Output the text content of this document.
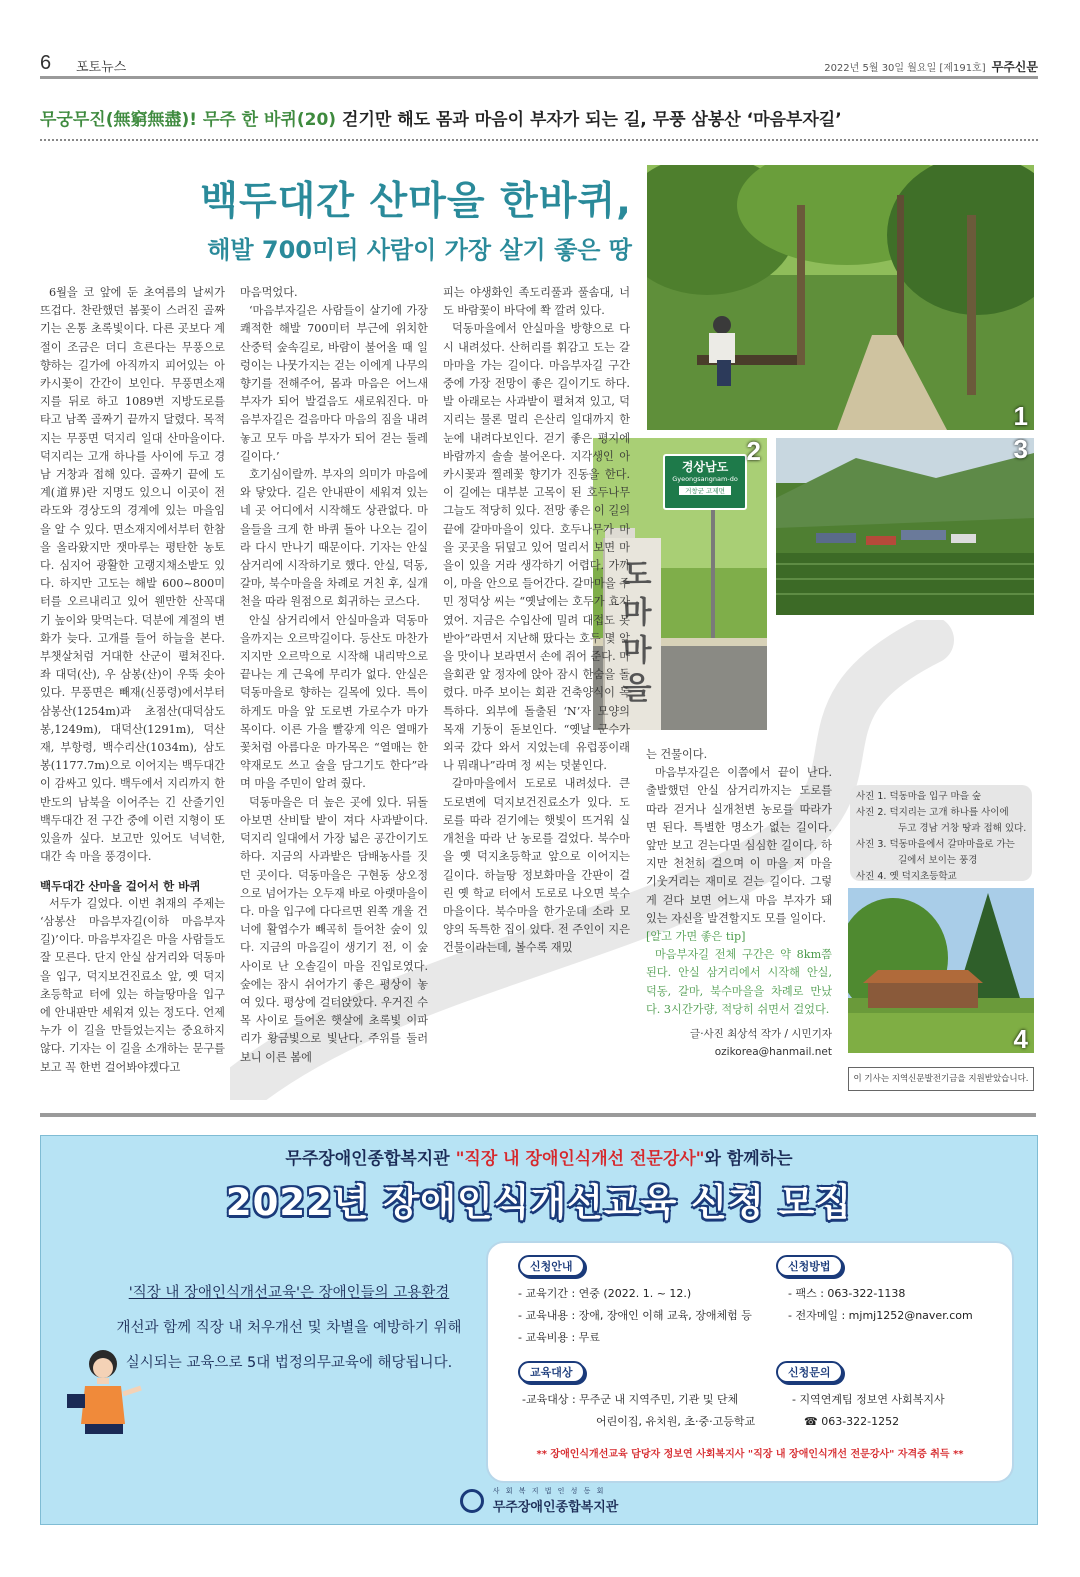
6 포토뉴스	2022년 5월 30일 월요일 [제191호] 무주신문
무궁무진(無窮無盡)! 무주 한 바퀴(20) 걷기만 해도 몸과 마음이 부자가 되는 길, 무풍 삼봉산 ‘마음부자길’
백두대간 산마을 한바퀴,
해발 700미터 사람이 가장 살기 좋은 땅
1
경상남도
Gyeongsangnam-do
거창군 고제면
도마마을
2	3

6월을 코 앞에 둔 초여름의 날씨가 뜨겁다. 찬란했던 봄꽃이 스러진 골짜기는 온통 초록빛이다. 다른 곳보다 계절이 조금은 더디 흐른다는 무풍으로 향하는 길가에 아직까지 피어있는 아카시꽃이 간간이 보인다. 무풍면소재지를 뒤로 하고 1089번 지방도로를 타고 남쪽 골짜기 끝까지 달렸다. 목적지는 무풍면 덕지리 일대 산마을이다. 덕지리는 고개 하나를 사이에 두고 경남 거창과 접해 있다. 골짜기 끝에 도계(道界)란 지명도 있으니 이곳이 전라도와 경상도의 경계에 있는 마을임을 알 수 있다. 면소재지에서부터 한참을 올라왔지만 잿마루는 평탄한 농토다. 심지어 광활한 고랭지채소밭도 있다. 하지만 고도는 해발 600~800미터를 오르내리고 있어 웬만한 산꼭대기 높이와 맞먹는다. 덕분에 계절의 변화가 늦다. 고개를 들어 하늘을 본다. 부챗살처럼 거대한 산군이 펼쳐진다. 좌 대덕(산), 우 삼봉(산)이 우뚝 솟아 있다. 무풍면은 빼재(신풍령)에서부터 삼봉산(1254m)과 초점산(대덕삼도봉,1249m), 대덕산(1291m), 덕산재, 부항령, 백수리산(1034m), 삼도봉(1177.7m)으로 이어지는 백두대간이 감싸고 있다. 백두에서 지리까지 한반도의 남북을 이어주는 긴 산줄기인 백두대간 전 구간 중에 이런 지형이 또 있을까 싶다. 보고만 있어도 넉넉한, 대간 속 마을 풍경이다.

백두대간 산마을 걸어서 한 바퀴

서두가 길었다. 이번 취재의 주제는 ‘삼봉산 마음부자길(이하 마음부자길)’이다. 마음부자길은 마을 사람들도 잘 모른다. 단지 안실 삼거리와 덕동마을 입구, 덕지보건진료소 앞, 옛 덕지초등학교 터에 있는 하늘땅마을 입구에 안내판만 세워져 있는 정도다. 언제 누가 이 길을 만들었는지는 중요하지 않다. 기자는 이 길을 소개하는 문구를 보고 꼭 한번 걸어봐야겠다고

마음먹었다.

‘마음부자길은 사람들이 살기에 가장 쾌적한 해발 700미터 부근에 위치한 산중턱 숲속길로, 바람이 불어올 때 일렁이는 나뭇가지는 걷는 이에게 나무의 향기를 전해주어, 몸과 마음은 어느새 부자가 되어 발걸음도 새로워진다. 마음부자길은 걸음마다 마음의 짐을 내려놓고 모두 마음 부자가 되어 걷는 둘레길이다.’

호기심이랄까. 부자의 의미가 마음에 와 닿았다. 길은 안내판이 세워져 있는 네 곳 어디에서 시작해도 상관없다. 마을들을 크게 한 바퀴 돌아 나오는 길이라 다시 만나기 때문이다. 기자는 안실 삼거리에 시작하기로 했다. 안실, 덕동, 갈마, 북수마을을 차례로 거친 후, 실개천을 따라 원점으로 회귀하는 코스다.

안실 삼거리에서 안실마을과 덕동마을까지는 오르막길이다. 등산도 마찬가지지만 오르막으로 시작해 내리막으로 끝나는 게 근육에 무리가 없다. 안실은 덕동마을로 향하는 길목에 있다. 특이하게도 마을 앞 도로변 가로수가 마가목이다. 이른 가을 빨갛게 익은 열매가 꽃처럼 아름다운 마가목은 “열매는 한약재로도 쓰고 술을 담그기도 한다”라며 마을 주민이 알려 줬다.

덕동마을은 더 높은 곳에 있다. 뒤돌아보면 산비탈 밭이 져다 사과밭이다. 덕지리 일대에서 가장 넓은 공간이기도 하다. 지금의 사과밭은 담배농사를 짓던 곳이다. 덕동마을은 구현동 상오정으로 넘어가는 오두재 바로 아랫마을이다. 마을 입구에 다다르면 왼쪽 개울 건너에 활엽수가 빼곡히 들어찬 숲이 있다. 지금의 마음길이 생기기 전, 이 숲 사이로 난 오솔길이 마을 진입로였다. 숲에는 잠시 쉬어가기 좋은 평상이 놓여 있다. 평상에 걸터앉았다. 우거진 수목 사이로 들어온 햇살에 초록빛 이파리가 황금빛으로 빛난다. 주위를 둘러보니 이른 봄에

피는 야생화인 족도리풀과 풀솜대, 너도 바람꽃이 바닥에 쫙 깔려 있다.

덕동마을에서 안실마을 방향으로 다시 내려섰다. 산허리를 휘감고 도는 갈마마을 가는 길이다. 마음부자길 구간 중에 가장 전망이 좋은 길이기도 하다. 발 아래로는 사과밭이 펼쳐져 있고, 덕지리는 물론 멀리 은산리 일대까지 한눈에 내려다보인다. 걷기 좋은 평지에 바람까지 솔솔 불어온다. 지각생인 아카시꽃과 찔레꽃 향기가 진동을 한다. 이 길에는 대부분 고목이 된 호두나무 그늘도 적당히 있다. 전망 좋은 이 길의 끝에 갈마마을이 있다. 호두나무가 마을 곳곳을 뒤덮고 있어 멀리서 보면 마을이 있을 거라 생각하기 어렵다. 가까이, 마을 안으로 들어간다. 갈마마을 주민 정덕상 씨는 “옛날에는 호두가 효자였어. 지금은 수입산에 밀려 대접도 못 받아”라면서 지난해 땄다는 호두 몇 알을 맛이나 보라면서 손에 쥐어 준다. 마을회관 앞 정자에 앉아 잠시 한숨을 돌렸다. 마주 보이는 회관 건축양식이 독특하다. 외부에 돌출된 ‘N’자 모양의 목재 기둥이 돋보인다. “옛날 군수가 외국 갔다 와서 지었는데 유럽풍이래나 뭐래나”라며 정 씨는 덧붙인다.

갈마마을에서 도로로 내려섰다. 큰 도로변에 덕지보건진료소가 있다. 도로를 따라 걷기에는 햇빛이 뜨거워 실개천을 따라 난 농로를 걸었다. 북수마을 옛 덕지초등학교 앞으로 이어지는 길이다. 하늘땅 정보화마을 간판이 걸린 옛 학교 터에서 도로로 나오면 북수마을이다. 북수마을 한가운데 소라 모양의 독특한 집이 있다. 전 주인이 지은 건물이라는데, 볼수록 재밌

는 건물이다.

마음부자길은 이쯤에서 끝이 난다. 출발했던 안실 삼거리까지는 도로를 따라 걷거나 실개천변 농로를 따라가면 된다. 특별한 명소가 없는 길이다. 앞만 보고 걷는다면 심심한 길이다. 하지만 천천히 걸으며 이 마을 저 마을 기웃거리는 재미로 걷는 길이다. 그렇게 걷다 보면 어느새 마음 부자가 돼 있는 자신을 발견할지도 모를 일이다.

[알고 가면 좋은 tip]

마음부자길 전체 구간은 약 8km쯤 된다. 안실 삼거리에서 시작해 안실, 덕동, 갈마, 북수마을을 차례로 만났다. 3시간가량, 적당히 쉬면서 걸었다.

글·사진 최상석 작가 / 시민기자
ozikorea@hanmail.net
사진 1. 덕동마을 입구 마을 숲
사진 2. 덕지리는 고개 하나를 사이에
두고 경남 거창 땅과 접해 있다.
사진 3. 덕동마을에서 갈마마을로 가는
길에서 보이는 풍경
사진 4. 옛 덕지초등학교
4
이 기사는 지역신문발전기금을 지원받았습니다.
무주장애인종합복지관 "직장 내 장애인식개선 전문강사"와 함께하는
2022년 장애인식개선교육 신청 모집
'직장 내 장애인식개선교육'은 장애인들의 고용환경
개선과 함께 직장 내 처우개선 및 차별을 예방하기 위해
실시되는 교육으로 5대 법정의무교육에 해당됩니다.
신청안내	신청방법
- 교육기간 : 연중 (2022. 1. ~ 12.)
- 교육내용 : 장애, 장애인 이해 교육, 장애체험 등
- 교육비용 : 무료
- 팩스 : 063-322-1138
- 전자메일 : mjmj1252@naver.com
교육대상	신청문의
-교육대상 : 무주군 내 지역주민, 기관 및 단체
어린이집, 유치원, 초·중·고등학교
- 지역연계팀 정보연 사회복지사
☎ 063-322-1252
** 장애인식개선교육 담당자 정보연 사회복지사 "직장 내 장애인식개선 전문강사" 자격증 취득 **

사 회 복 지 법 인 성 동 회
무주장애인종합복지관
